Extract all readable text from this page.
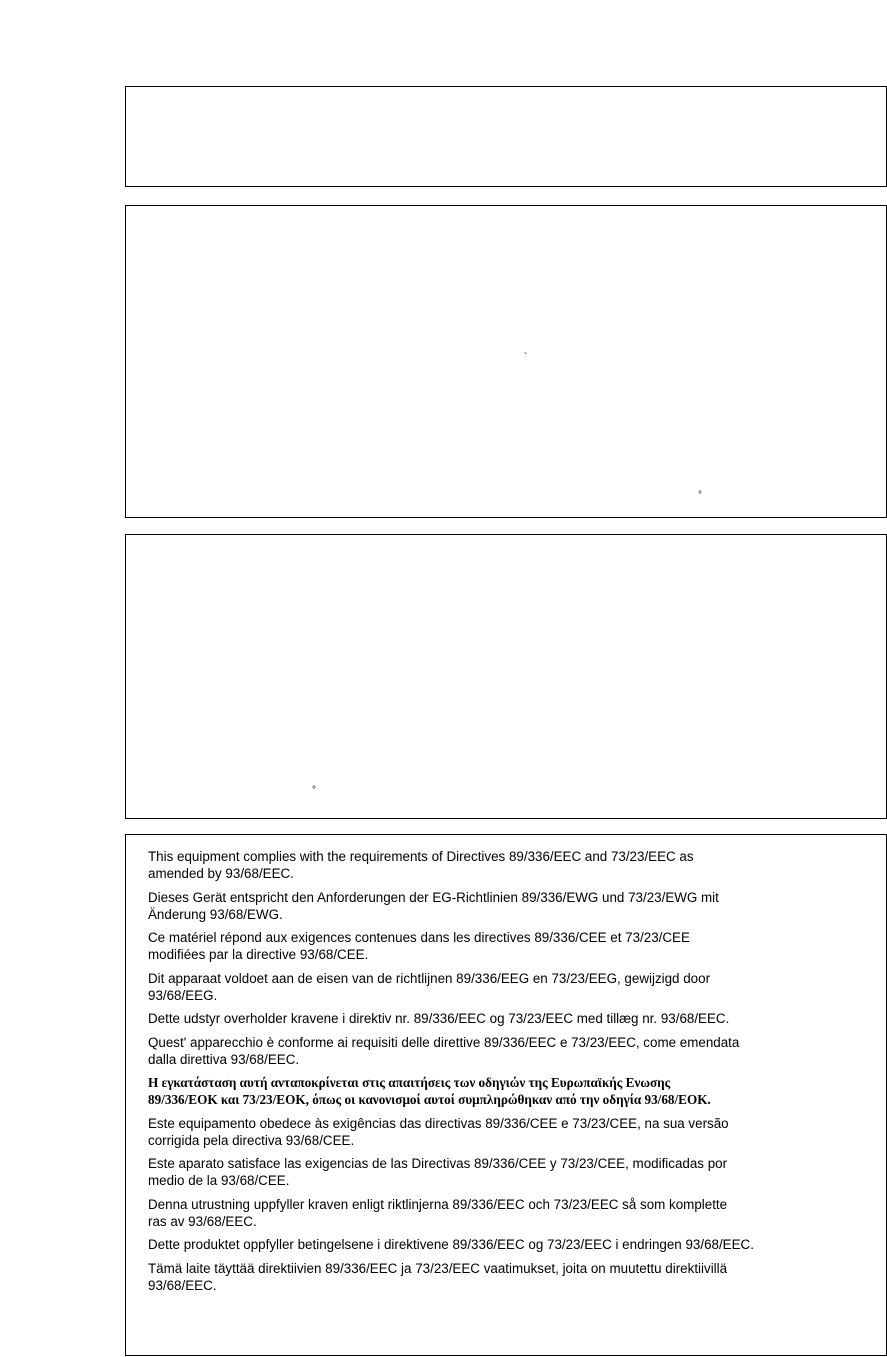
`
°
°

This equipment complies with the requirements of Directives 89/336/EEC and 73/23/EEC as
amended by 93/68/EEC.

Dieses Gerät entspricht den Anforderungen der EG-Richtlinien 89/336/EWG und 73/23/EWG mit
Änderung 93/68/EWG.

Ce matériel répond aux exigences contenues dans les directives 89/336/CEE et 73/23/CEE
modifiées par la directive 93/68/CEE.

Dit apparaat voldoet aan de eisen van de richtlijnen 89/336/EEG en 73/23/EEG, gewijzigd door
93/68/EEG.

Dette udstyr overholder kravene i direktiv nr. 89/336/EEC og 73/23/EEC med tillæg nr. 93/68/EEC.

Quest' apparecchio è conforme ai requisiti delle direttive 89/336/EEC e 73/23/EEC, come emendata
dalla direttiva 93/68/EEC.

Η εγκατάσταση αυτή ανταποκρίνεται στις απαιτήσεις των οδηγιών της Ευρωπαϊκής Ενωσης
89/336/ΕΟΚ και 73/23/ΕΟΚ, όπως οι κανονισμοί αυτοί συμπληρώθηκαν από την οδηγία 93/68/ΕΟΚ.

Este equipamento obedece às exigências das directivas 89/336/CEE e 73/23/CEE, na sua versão
corrigida pela directiva 93/68/CEE.

Este aparato satisface las exigencias de las Directivas 89/336/CEE y 73/23/CEE, modificadas por
medio de la 93/68/CEE.

Denna utrustning uppfyller kraven enligt riktlinjerna 89/336/EEC och 73/23/EEC så som komplette
ras av 93/68/EEC.

Dette produktet oppfyller betingelsene i direktivene 89/336/EEC og 73/23/EEC i endringen 93/68/EEC.

Tämä laite täyttää direktiivien 89/336/EEC ja 73/23/EEC vaatimukset, joita on muutettu direktiivillä
93/68/EEC.
